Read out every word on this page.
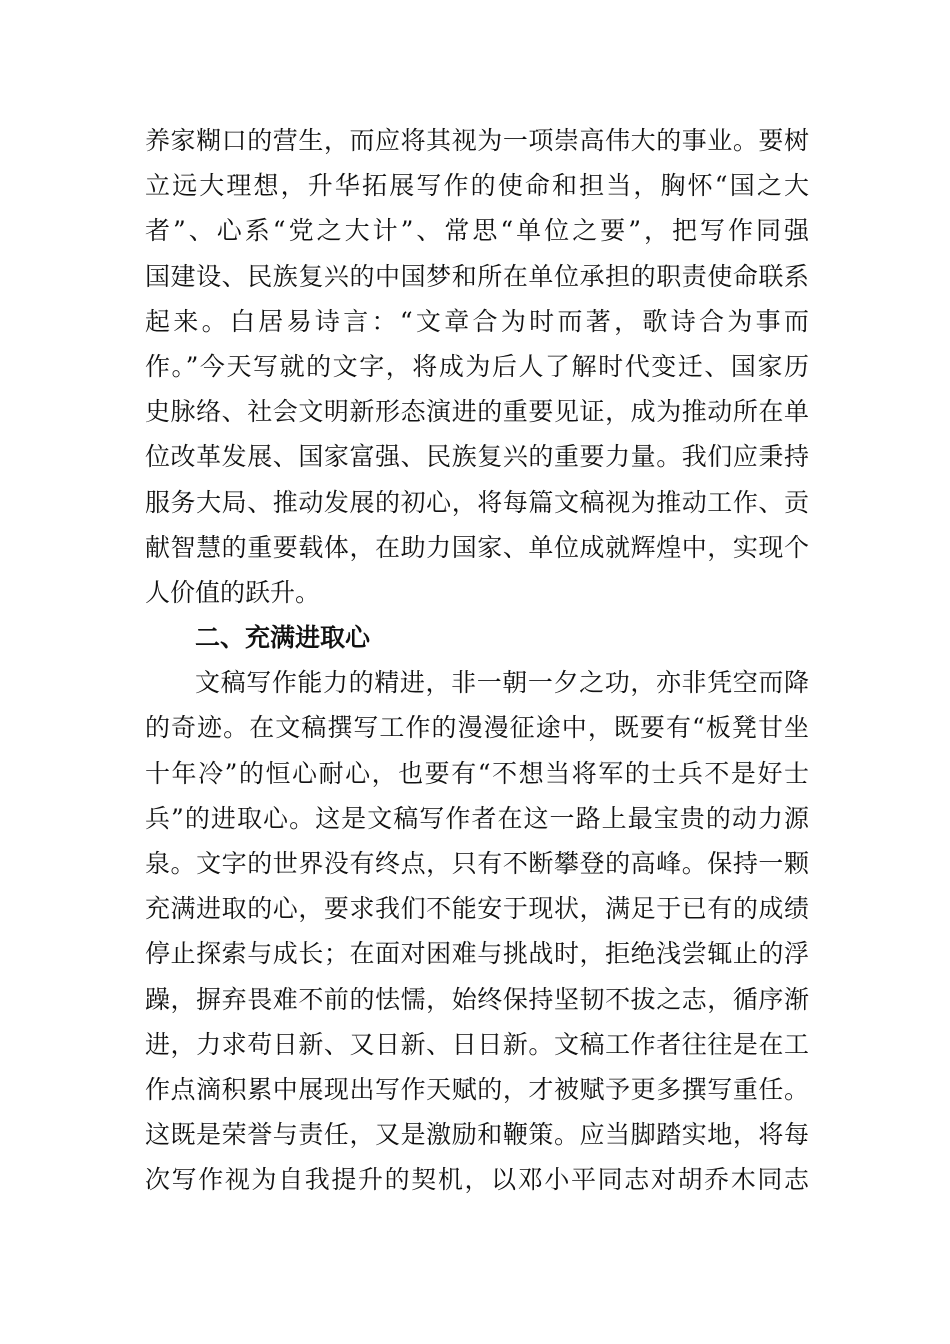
养家糊口的营生，而应将其视为一项崇高伟大的事业。要树
立远大理想，升华拓展写作的使命和担当，胸怀“国之大
者”、心系“党之大计”、常思“单位之要”，把写作同强
国建设、民族复兴的中国梦和所在单位承担的职责使命联系
起来。白居易诗言：“文章合为时而著，歌诗合为事而
作。”今天写就的文字，将成为后人了解时代变迁、国家历
史脉络、社会文明新形态演进的重要见证，成为推动所在单
位改革发展、国家富强、民族复兴的重要力量。我们应秉持
服务大局、推动发展的初心，将每篇文稿视为推动工作、贡
献智慧的重要载体，在助力国家、单位成就辉煌中，实现个
人价值的跃升。
二、充满进取心
文稿写作能力的精进，非一朝一夕之功，亦非凭空而降
的奇迹。在文稿撰写工作的漫漫征途中，既要有“板凳甘坐
十年冷”的恒心耐心，也要有“不想当将军的士兵不是好士
兵”的进取心。这是文稿写作者在这一路上最宝贵的动力源
泉。文字的世界没有终点，只有不断攀登的高峰。保持一颗
充满进取的心，要求我们不能安于现状，满足于已有的成绩
停止探索与成长；在面对困难与挑战时，拒绝浅尝辄止的浮
躁，摒弃畏难不前的怯懦，始终保持坚韧不拔之志，循序渐
进，力求苟日新、又日新、日日新。文稿工作者往往是在工
作点滴积累中展现出写作天赋的，才被赋予更多撰写重任。
这既是荣誉与责任，又是激励和鞭策。应当脚踏实地，将每
次写作视为自我提升的契机，以邓小平同志对胡乔木同志
